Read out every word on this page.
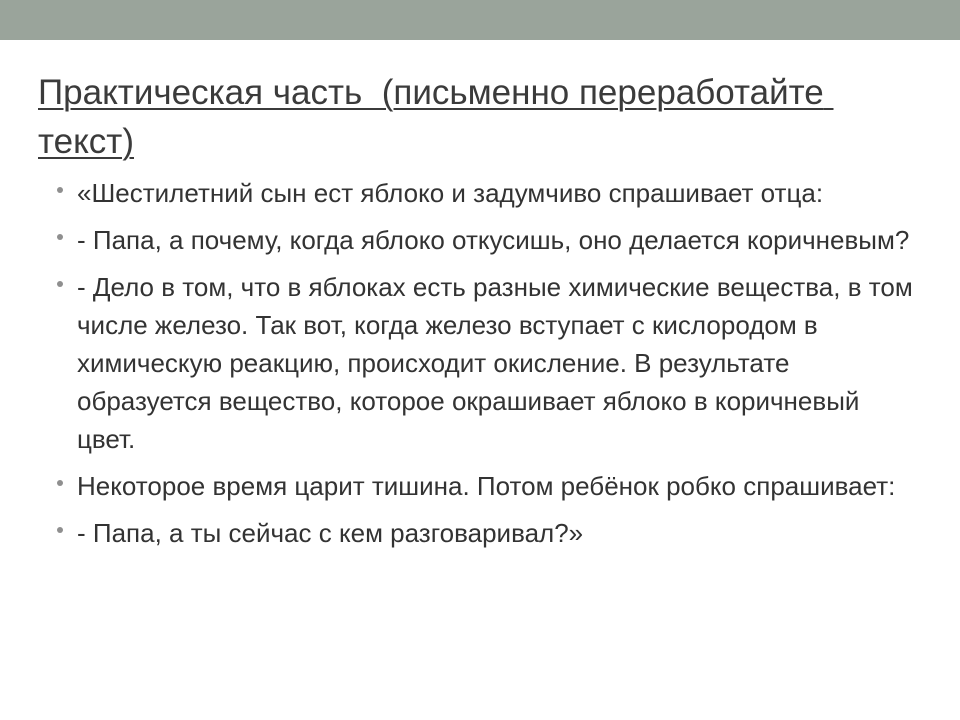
Практическая часть  (письменно переработайте текст)
«Шестилетний сын ест яблоко и задумчиво спрашивает отца:
- Папа, а почему, когда яблоко откусишь, оно делается коричневым?
- Дело в том, что в яблоках есть разные химические вещества, в том числе железо. Так вот, когда железо вступает с кислородом в химическую реакцию, происходит окисление. В результате образуется вещество, которое окрашивает яблоко в коричневый цвет.
Некоторое время царит тишина. Потом ребёнок робко спрашивает:
- Папа, а ты сейчас с кем разговаривал?»
